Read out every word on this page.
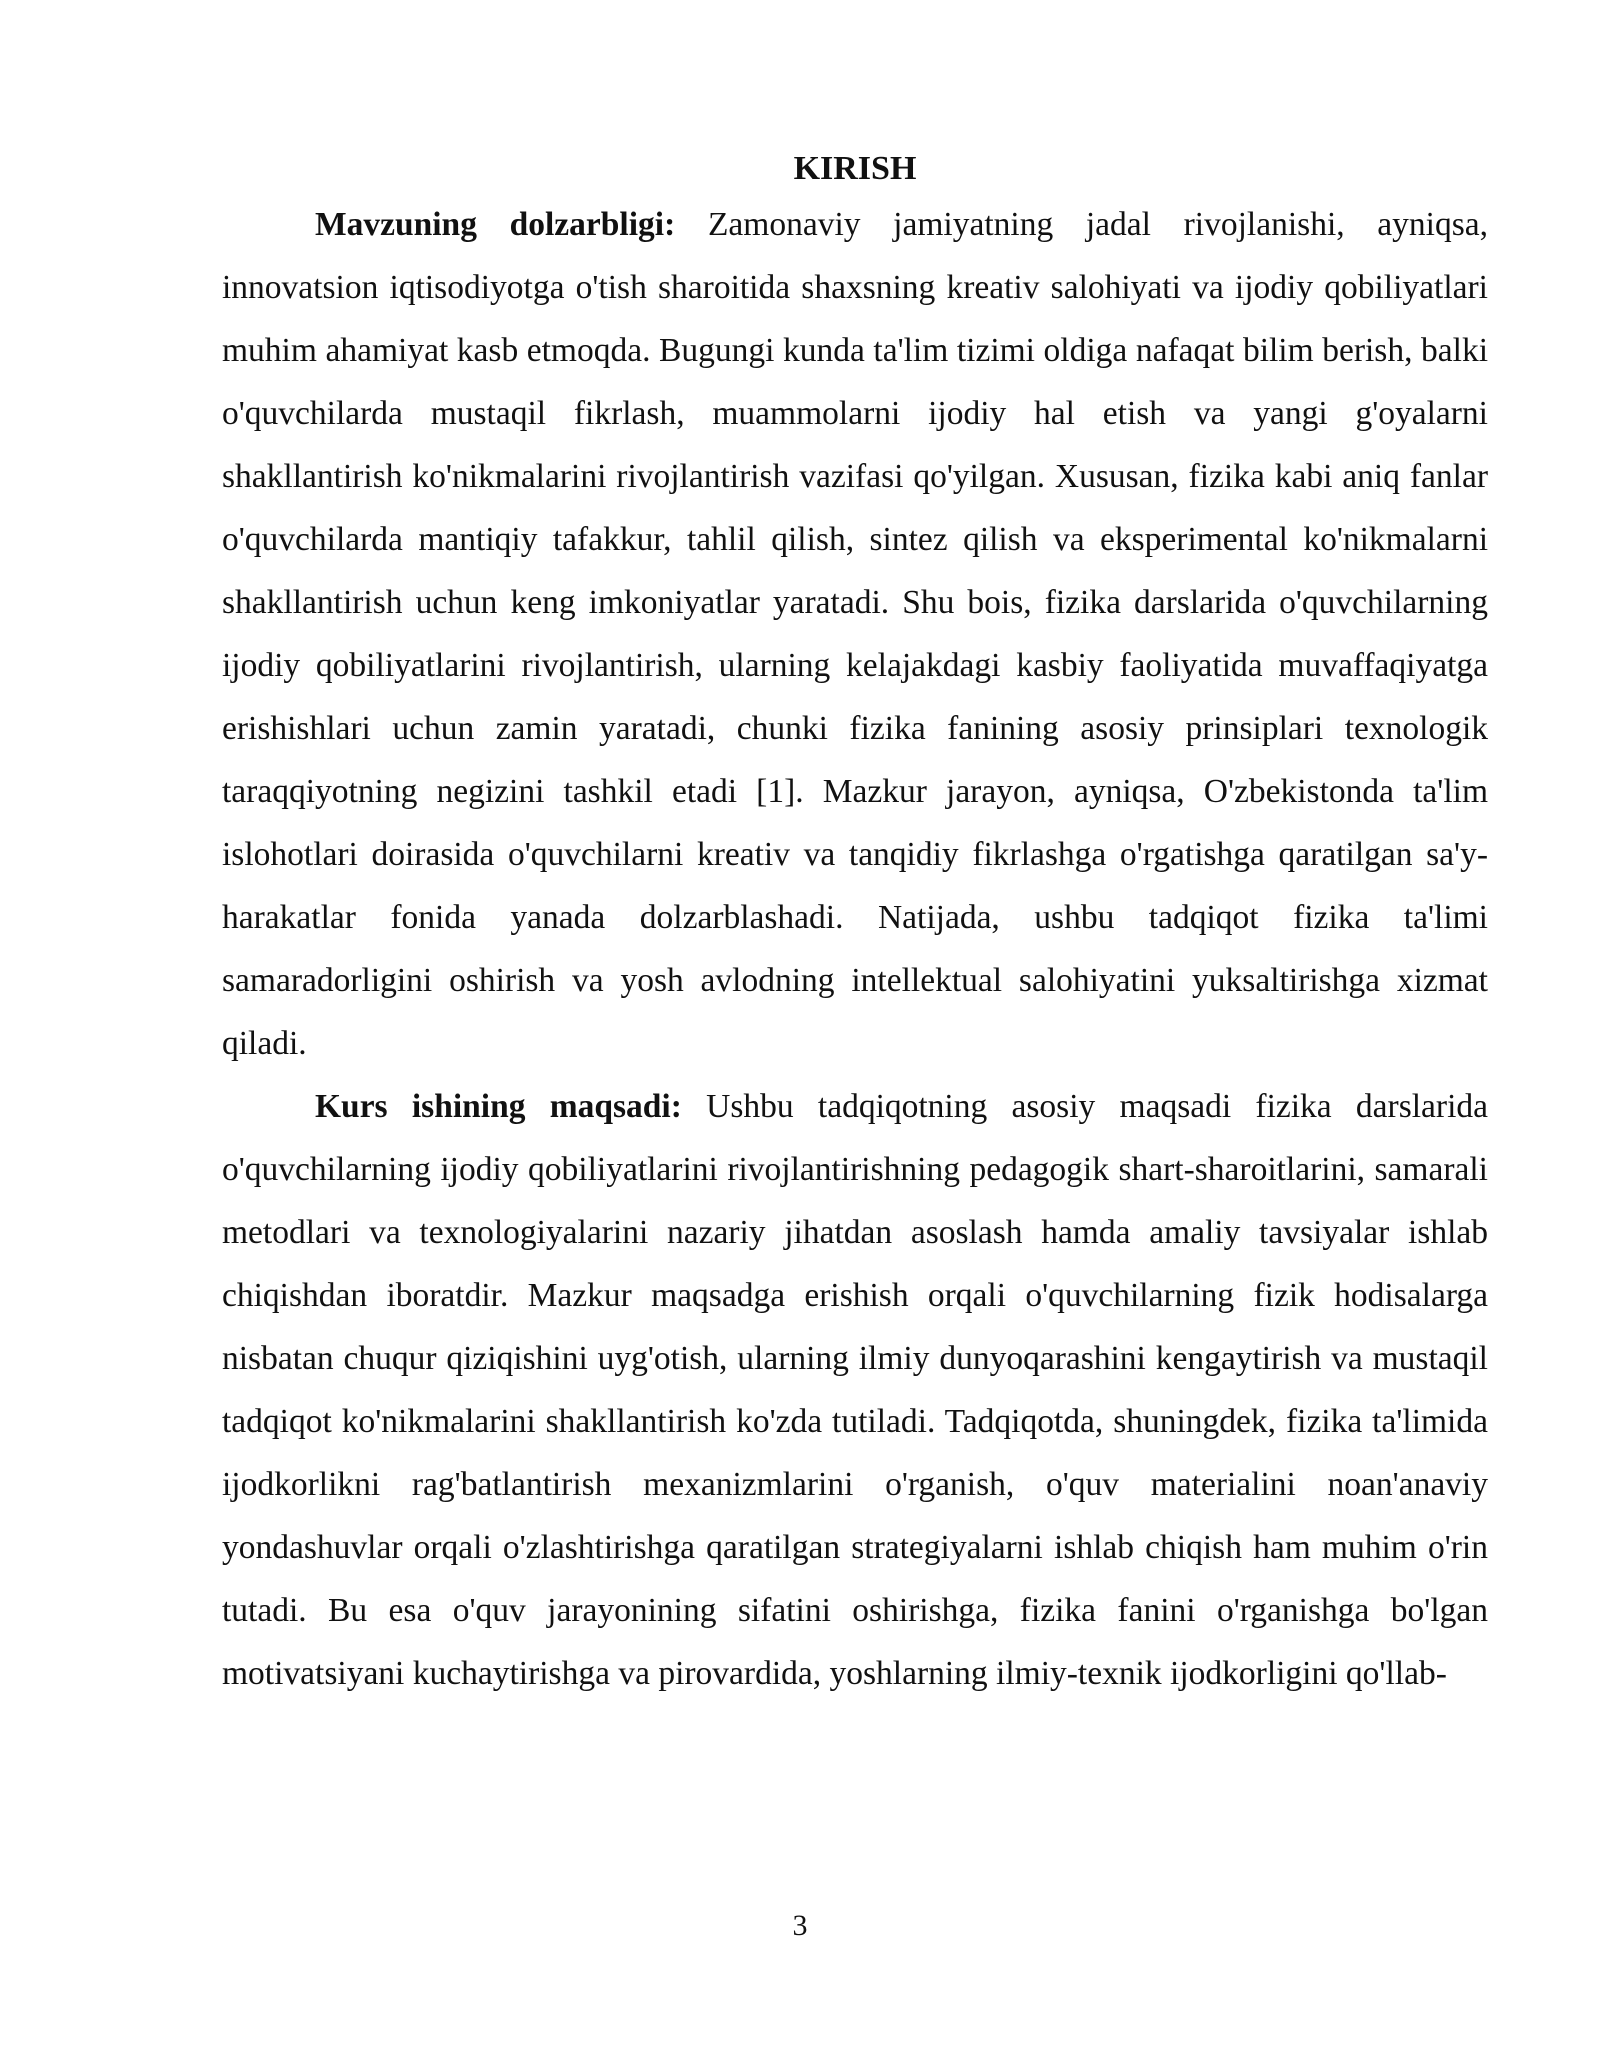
KIRISH

Mavzuning dolzarbligi: Zamonaviy jamiyatning jadal rivojlanishi, ayniqsa, innovatsion iqtisodiyotga o'tish sharoitida shaxsning kreativ salohiyati va ijodiy qobiliyatlari muhim ahamiyat kasb etmoqda. Bugungi kunda ta'lim tizimi oldiga nafaqat bilim berish, balki o'quvchilarda mustaqil fikrlash, muammolarni ijodiy hal etish va yangi g'oyalarni shakllantirish ko'nikmalarini rivojlantirish vazifasi qo'yilgan. Xususan, fizika kabi aniq fanlar o'quvchilarda mantiqiy tafakkur, tahlil qilish, sintez qilish va eksperimental ko'nikmalarni shakllantirish uchun keng imkoniyatlar yaratadi. Shu bois, fizika darslarida o'quvchilarning ijodiy qobiliyatlarini rivojlantirish, ularning kelajakdagi kasbiy faoliyatida muvaffaqiyatga erishishlari uchun zamin yaratadi, chunki fizika fanining asosiy prinsiplari texnologik taraqqiyotning negizini tashkil etadi [1]. Mazkur jarayon, ayniqsa, O'zbekistonda ta'lim islohotlari doirasida o'quvchilarni kreativ va tanqidiy fikrlashga o'rgatishga qaratilgan sa'y-harakatlar fonida yanada dolzarblashadi. Natijada, ushbu tadqiqot fizika ta'limi samaradorligini oshirish va yosh avlodning intellektual salohiyatini yuksaltirishga xizmat qiladi.

Kurs ishining maqsadi: Ushbu tadqiqotning asosiy maqsadi fizika darslarida o'quvchilarning ijodiy qobiliyatlarini rivojlantirishning pedagogik shart-sharoitlarini, samarali metodlari va texnologiyalarini nazariy jihatdan asoslash hamda amaliy tavsiyalar ishlab chiqishdan iboratdir. Mazkur maqsadga erishish orqali o'quvchilarning fizik hodisalarga nisbatan chuqur qiziqishini uyg'otish, ularning ilmiy dunyoqarashini kengaytirish va mustaqil tadqiqot ko'nikmalarini shakllantirish ko'zda tutiladi. Tadqiqotda, shuningdek, fizika ta'limida ijodkorlikni rag'batlantirish mexanizmlarini o'rganish, o'quv materialini noan'anaviy yondashuvlar orqali o'zlashtirishga qaratilgan strategiyalarni ishlab chiqish ham muhim o'rin tutadi. Bu esa o'quv jarayonining sifatini oshirishga, fizika fanini o'rganishga bo'lgan motivatsiyani kuchaytirishga va pirovardida, yoshlarning ilmiy-texnik ijodkorligini qo'llab-

3
